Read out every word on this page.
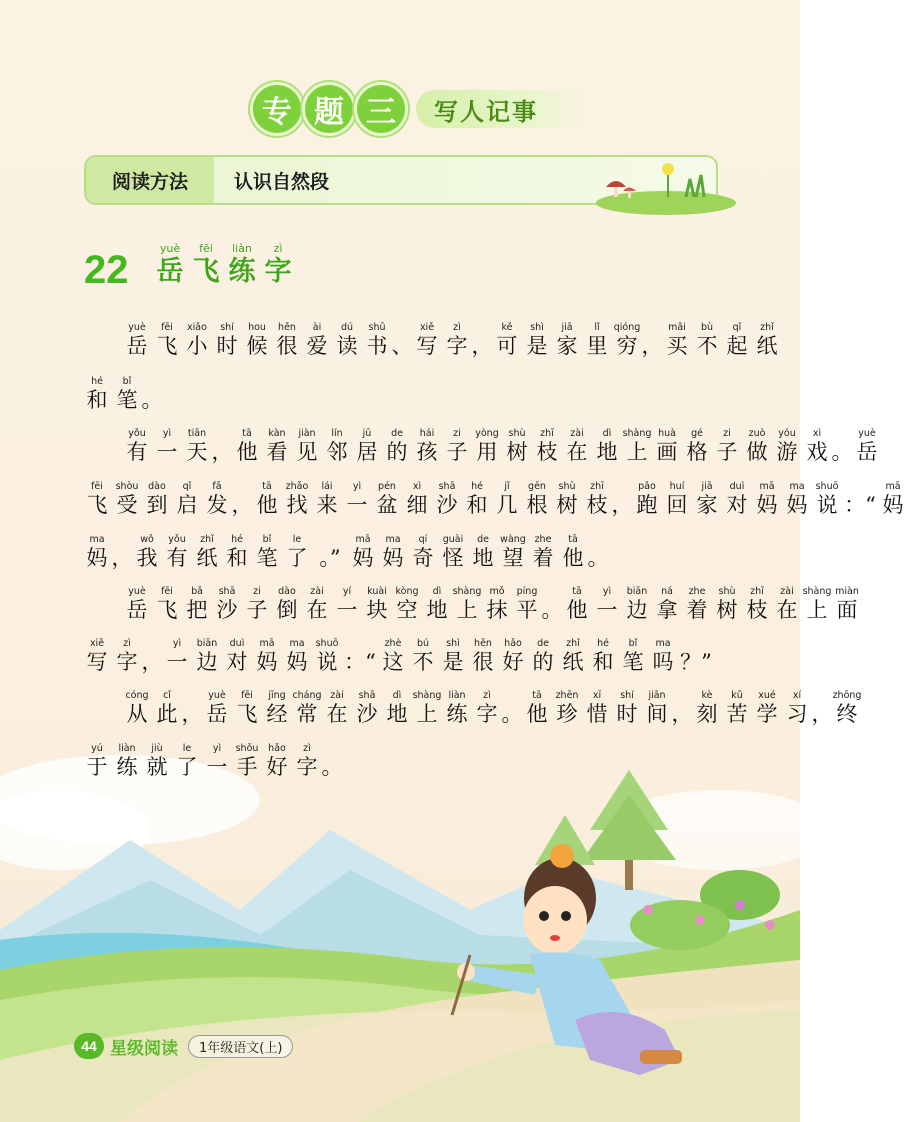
专 题 三	写人记事
阅读方法	认识自然段
22	yuè
岳
fēi
飞
liàn
练
zì
字
yuè
岳
fēi
飞
xiǎo
小
shí
时
hou
候
hěn
很
ài
爱
dú
读
shū
书 、
xiě
写
zì
字 ，
kě
可
shì
是
jiā
家
lǐ
里
qióng
穷 ，
mǎi
买
bù
不
qǐ
起
zhǐ
纸
hé
和
bǐ
笔 。
yǒu
有
yì
一
tiān
天 ，
tā
他
kàn
看
jiàn
见
lín
邻
jū
居
de
的
hái
孩
zi
子
yòng
用
shù
树
zhī
枝
zài
在
dì
地
shàng
上
huà
画
gé
格
zi
子
zuò
做
yóu
游
xì
戏 。
yuè
岳
fēi
飞
shòu
受
dào
到
qǐ
启
fā
发 ，
tā
他
zhǎo
找
lái
来
yì
一
pén
盆
xì
细
shā
沙
hé
和
jǐ
几
gēn
根
shù
树
zhī
枝 ，
pǎo
跑
huí
回
jiā
家
duì
对
mā
妈
ma
妈
shuō
说 ：“
mā
妈
ma
妈 ，
wǒ
我
yǒu
有
zhǐ
纸
hé
和
bǐ
笔
le
了 。”
mā
妈
ma
妈
qí
奇
guài
怪
de
地
wàng
望
zhe
着
tā
他 。
yuè
岳
fēi
飞
bǎ
把
shā
沙
zi
子
dào
倒
zài
在
yí
一
kuài
块
kòng
空
dì
地
shàng
上
mǒ
抹
píng
平 。
tā
他
yì
一
biān
边
ná
拿
zhe
着
shù
树
zhī
枝
zài
在
shàng
上
miàn
面
xiě
写
zì
字 ，
yì
一
biān
边
duì
对
mā
妈
ma
妈
shuō
说 ：“
zhè
这
bú
不
shì
是
hěn
很
hǎo
好
de
的
zhǐ
纸
hé
和
bǐ
笔
ma
吗 ？”
cóng
从
cǐ
此 ，
yuè
岳
fēi
飞
jīng
经
cháng
常
zài
在
shā
沙
dì
地
shàng
上
liàn
练
zì
字 。
tā
他
zhēn
珍
xī
惜
shí
时
jiān
间 ，
kè
刻
kǔ
苦
xué
学
xí
习 ，
zhōng
终
yú
于
liàn
练
jiù
就
le
了
yì
一
shǒu
手
hǎo
好
zì
字 。
44 星级阅读	1年级语文(上)
